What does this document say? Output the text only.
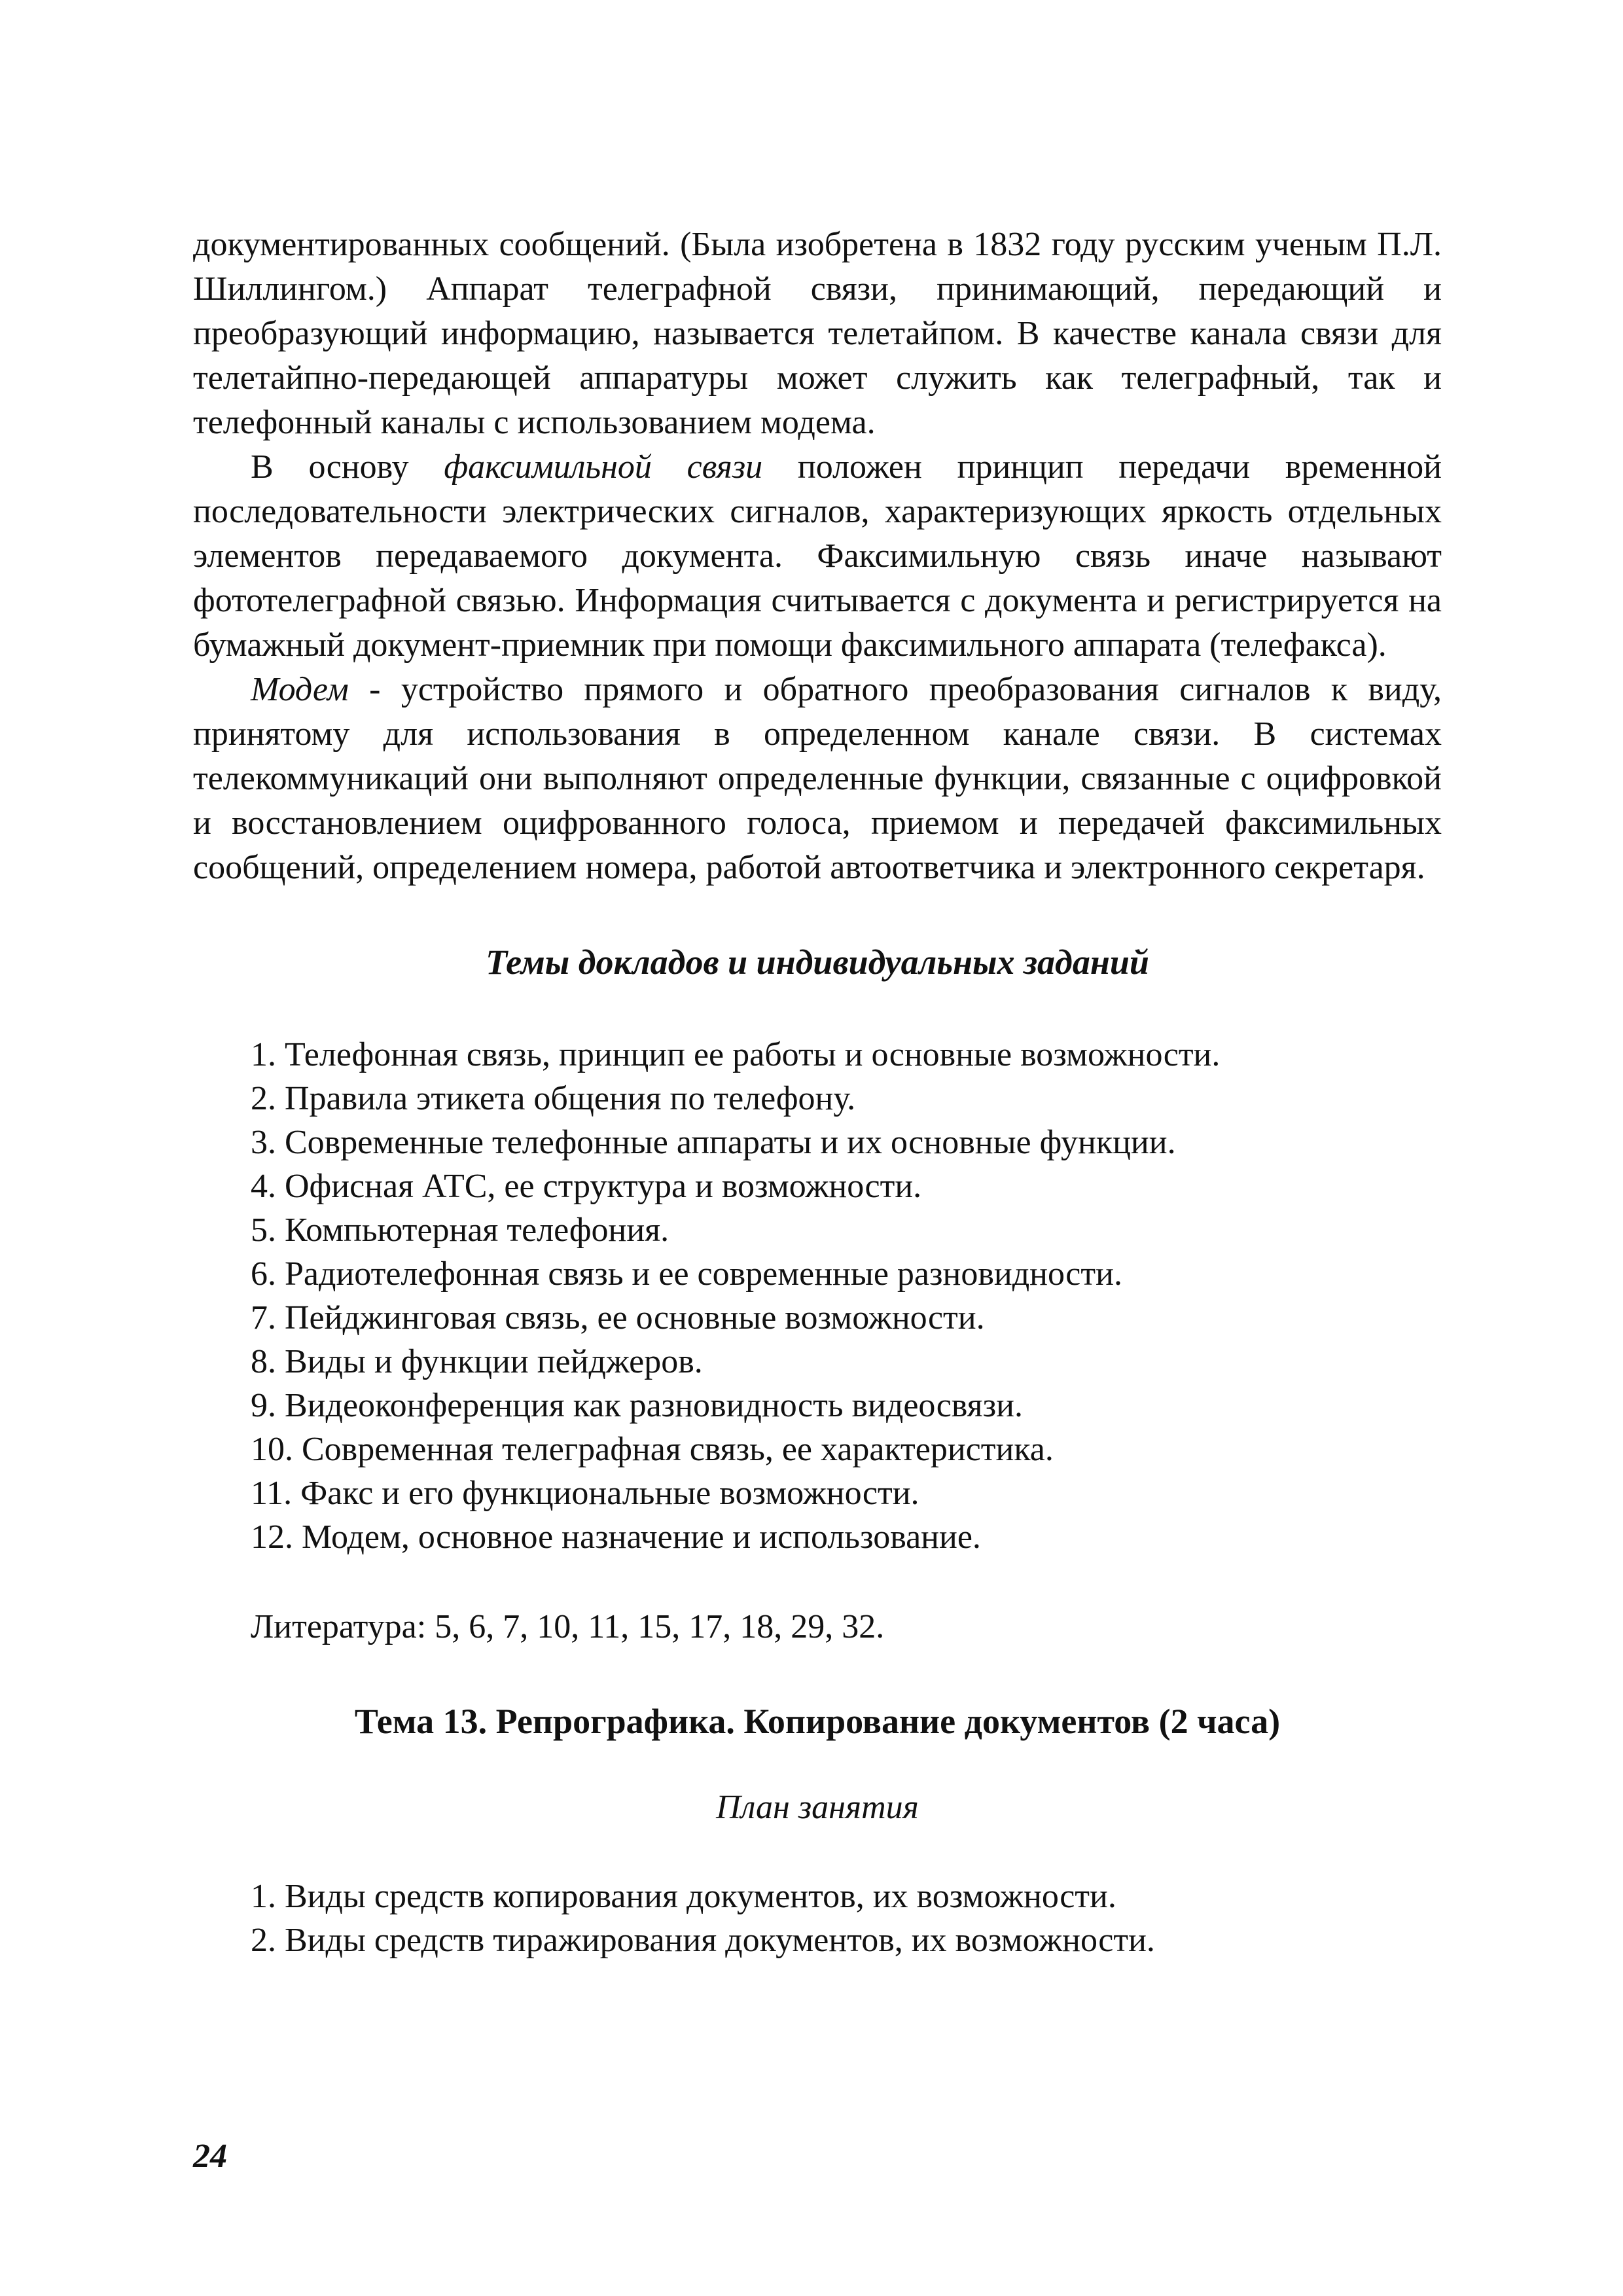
документированных сообщений. (Была изобретена в 1832 году русским ученым П.Л. Шиллингом.) Аппарат телеграфной связи, принимающий, передающий и преобразующий информацию, называется телетайпом. В качестве канала связи для телетайпно-передающей аппаратуры может служить как телеграфный, так и телефонный каналы с использованием модема.

В основу факсимильной связи положен принцип передачи временной последовательности электрических сигналов, характеризующих яркость отдельных элементов передаваемого документа. Факсимильную связь иначе называют фототелеграфной связью. Информация считывается с документа и регистрируется на бумажный документ-приемник при помощи факсимильного аппарата (телефакса).

Модем - устройство прямого и обратного преобразования сигналов к виду, принятому для использования в определенном канале связи. В системах телекоммуникаций они выполняют определенные функции, связанные с оцифровкой и восстановлением оцифрованного голоса, приемом и передачей факсимильных сообщений, определением номера, работой автоответчика и электронного секретаря.

Темы докладов и индивидуальных заданий
1. Телефонная связь, принцип ее работы и основные возможности.
2. Правила этикета общения по телефону.
3. Современные телефонные аппараты и их основные функции.
4. Офисная АТС, ее структура и возможности.
5. Компьютерная телефония.
6. Радиотелефонная связь и ее современные разновидности.
7. Пейджинговая связь, ее основные возможности.
8. Виды и функции пейджеров.
9. Видеоконференция как разновидность видеосвязи.
10. Современная телеграфная связь, ее характеристика.
11. Факс и его функциональные возможности.
12. Модем, основное назначение и использование.
Литература: 5, 6, 7, 10, 11, 15, 17, 18, 29, 32.
Тема 13. Репрографика. Копирование документов (2 часа)
План занятия
1. Виды средств копирования документов, их возможности.
2. Виды средств тиражирования документов, их возможности.
24
